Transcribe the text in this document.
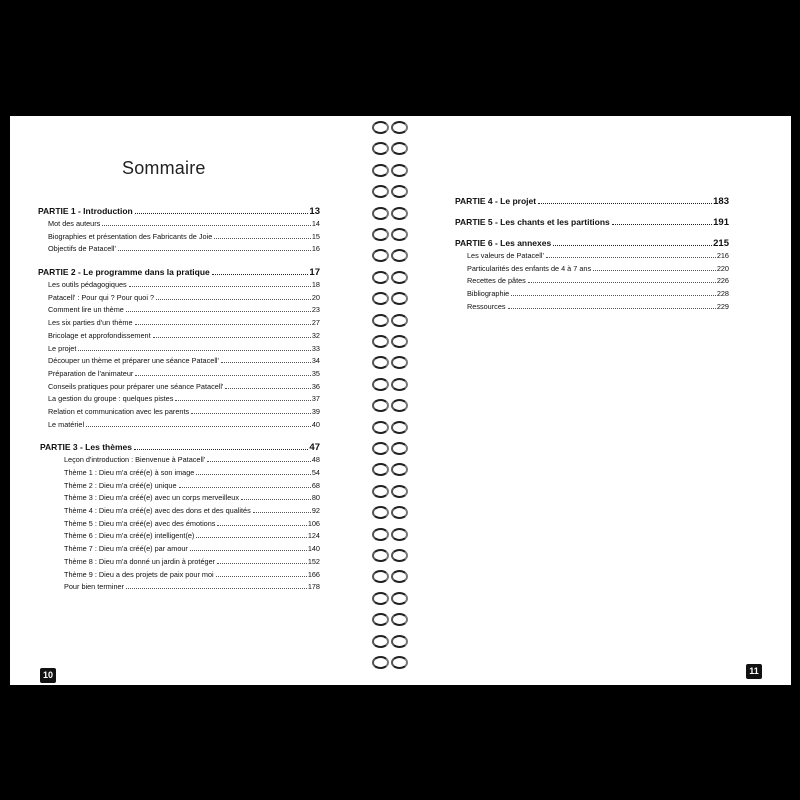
Sommaire
PARTIE 1 - Introduction	13
Mot des auteurs	14
Biographies et présentation des Fabricants de Joie	15
Objectifs de Patacell'	16
PARTIE 2 - Le programme dans la pratique	17
Les outils pédagogiques	18
Patacell' : Pour qui ? Pour quoi ?	20
Comment lire un thème	23
Les six parties d'un thème	27
Bricolage et approfondissement	32
Le projet	33
Découper un thème et préparer une séance Patacell'	34
Préparation de l'animateur	35
Conseils pratiques pour préparer une séance Patacell'	36
La gestion du groupe : quelques pistes	37
Relation et communication avec les parents	39
Le matériel	40
PARTIE 3 - Les thèmes	47
Leçon d'introduction : Bienvenue à Patacell'	48
Thème 1 : Dieu m'a créé(e) à son image	54
Thème 2 : Dieu m'a créé(e) unique	68
Thème 3 : Dieu m'a créé(e) avec un corps merveilleux	80
Thème 4 : Dieu m'a créé(e) avec des dons et des qualités	92
Thème 5 : Dieu m'a créé(e) avec des émotions	106
Thème 6 : Dieu m'a créé(e) intelligent(e)	124
Thème 7 : Dieu m'a créé(e) par amour	140
Thème 8 : Dieu m'a donné un jardin à protéger	152
Thème 9 : Dieu a des projets de paix pour moi	166
Pour bien terminer	178
PARTIE 4 - Le projet	183
PARTIE 5 - Les chants et les partitions	191
PARTIE 6 - Les annexes	215
Les valeurs de Patacell'	216
Particularités des enfants de 4 à 7 ans	220
Recettes de pâtes	226
Bibliographie	228
Ressources	229
10	11
